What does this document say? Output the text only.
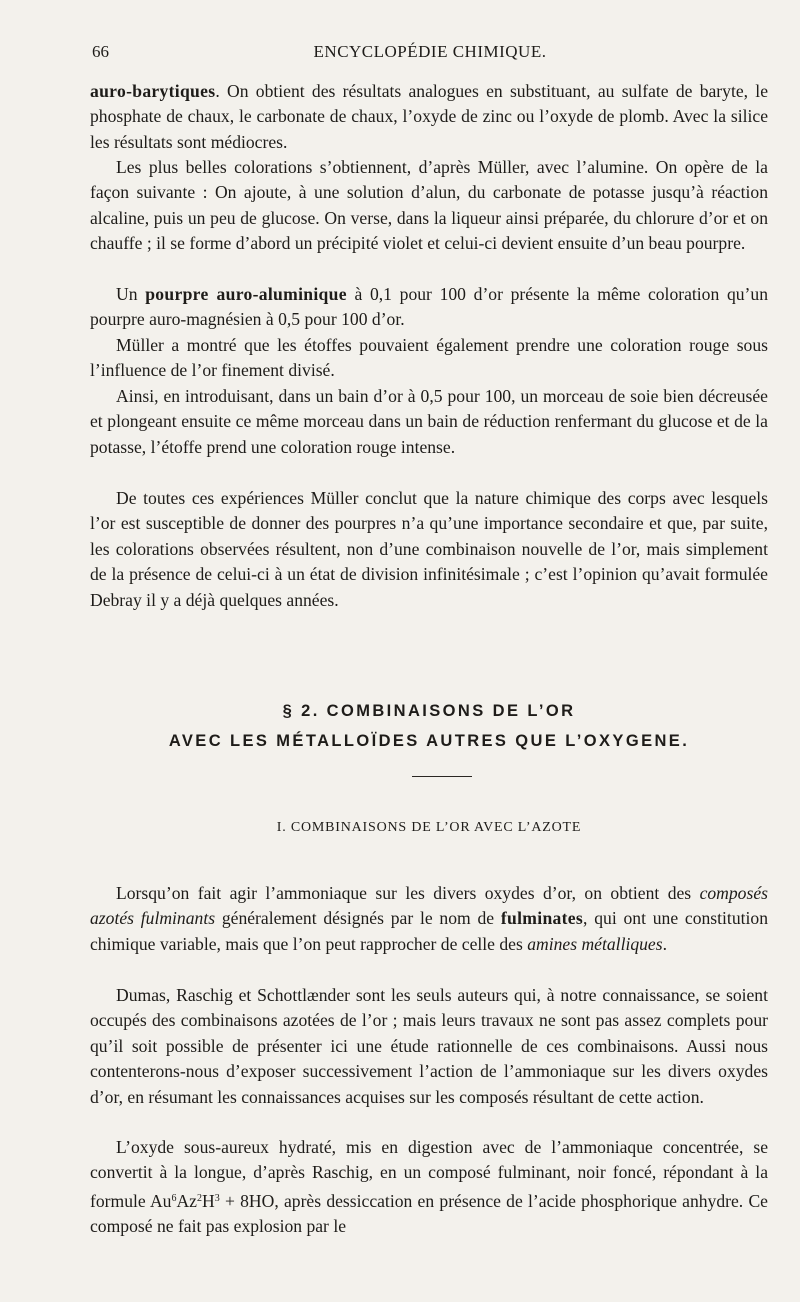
66	ENCYCLOPÉDIE CHIMIQUE.

auro-barytiques. On obtient des résultats analogues en substituant, au sulfate de baryte, le phosphate de chaux, le carbonate de chaux, l’oxyde de zinc ou l’oxyde de plomb. Avec la silice les résultats sont médiocres.

Les plus belles colorations s’obtiennent, d’après Müller, avec l’alumine. On opère de la façon suivante : On ajoute, à une solution d’alun, du carbonate de potasse jusqu’à réaction alcaline, puis un peu de glucose. On verse, dans la liqueur ainsi préparée, du chlorure d’or et on chauffe ; il se forme d’abord un précipité violet et celui-ci devient ensuite d’un beau pourpre.

Un pourpre auro-aluminique à 0,1 pour 100 d’or présente la même coloration qu’un pourpre auro-magnésien à 0,5 pour 100 d’or.

Müller a montré que les étoffes pouvaient également prendre une coloration rouge sous l’influence de l’or finement divisé.

Ainsi, en introduisant, dans un bain d’or à 0,5 pour 100, un morceau de soie bien décreusée et plongeant ensuite ce même morceau dans un bain de réduction renfermant du glucose et de la potasse, l’étoffe prend une coloration rouge intense.

De toutes ces expériences Müller conclut que la nature chimique des corps avec lesquels l’or est susceptible de donner des pourpres n’a qu’une importance secondaire et que, par suite, les colorations observées résultent, non d’une combinaison nouvelle de l’or, mais simplement de la présence de celui-ci à un état de division infinitésimale ; c’est l’opinion qu’avait formulée Debray il y a déjà quelques années.

§ 2. COMBINAISONS DE L’OR
AVEC LES MÉTALLOÏDES AUTRES QUE L’OXYGENE.
I. COMBINAISONS DE L’OR AVEC L’AZOTE

Lorsqu’on fait agir l’ammoniaque sur les divers oxydes d’or, on obtient des composés azotés fulminants généralement désignés par le nom de fulminates, qui ont une constitution chimique variable, mais que l’on peut rapprocher de celle des amines métalliques.

Dumas, Raschig et Schottlænder sont les seuls auteurs qui, à notre connaissance, se soient occupés des combinaisons azotées de l’or ; mais leurs travaux ne sont pas assez complets pour qu’il soit possible de présenter ici une étude rationnelle de ces combinaisons. Aussi nous contenterons-nous d’exposer successivement l’action de l’ammoniaque sur les divers oxydes d’or, en résumant les connaissances acquises sur les composés résultant de cette action.

L’oxyde sous-aureux hydraté, mis en digestion avec de l’ammoniaque concentrée, se convertit à la longue, d’après Raschig, en un composé fulminant, noir foncé, répondant à la formule $Au^6Az^2H^3 + 8HO$, après dessiccation en présence de l’acide phosphorique anhydre. Ce composé ne fait pas explosion par le
